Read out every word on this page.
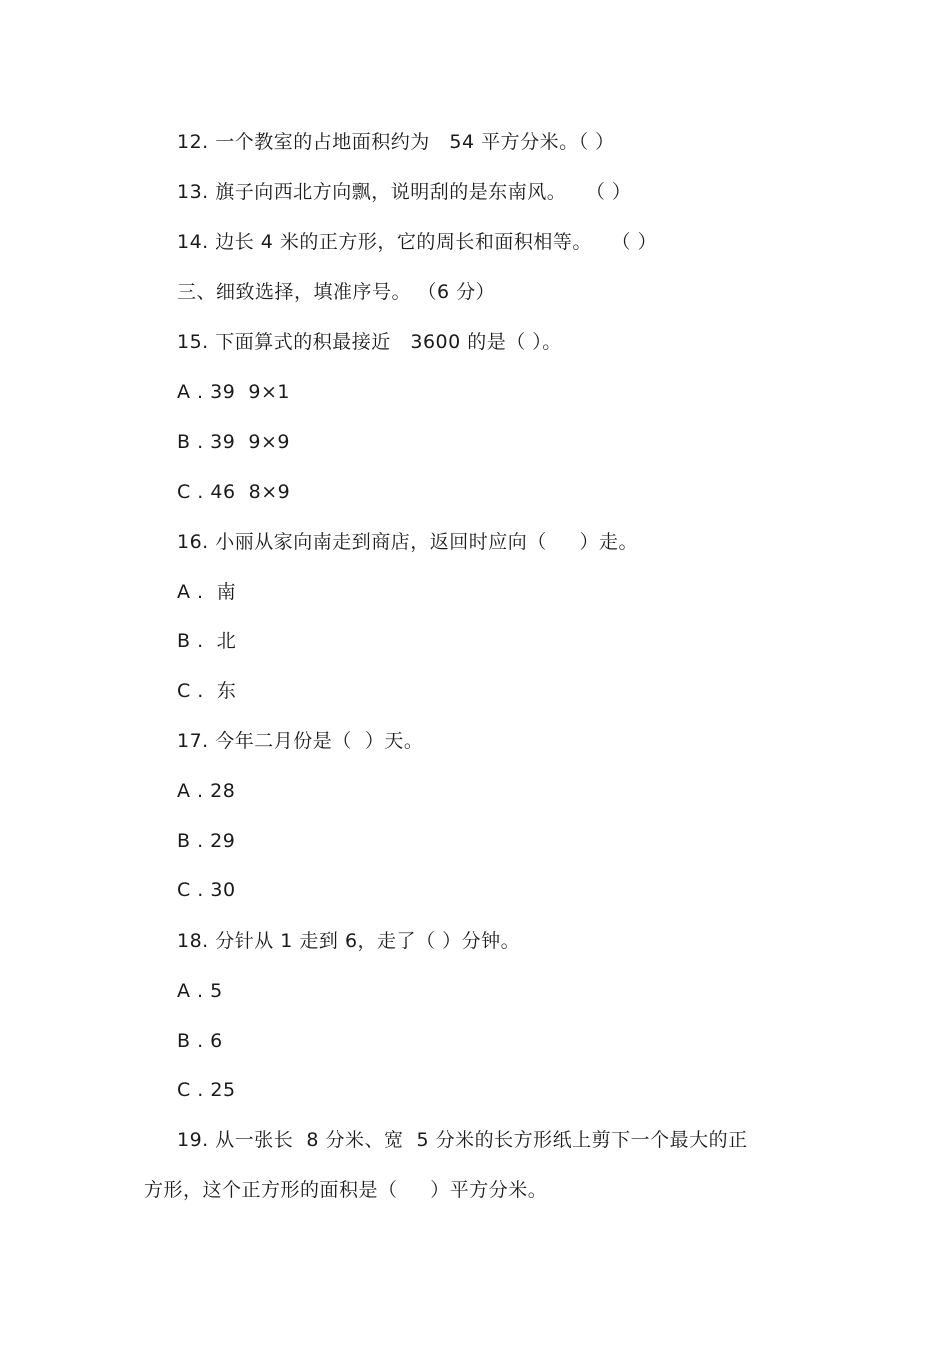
12. 一个教室的占地面积约为   54 平方分米。（ ）
13. 旗子向西北方向飘，说明刮的是东南风。   （ ）
14. 边长 4 米的正方形，它的周长和面积相等。   （ ）
三、细致选择，填准序号。 （6 分）
15. 下面算式的积最接近   3600 的是（ ）。
A . 39  9×1
B . 39  9×9
C . 46  8×9
16. 小丽从家向南走到商店，返回时应向（     ）走。
A .  南
B .  北
C .  东
17. 今年二月份是（  ）天。
A . 28
B . 29
C . 30
18. 分针从 1 走到 6，走了（ ）分钟。
A . 5
B . 6
C . 25
19. 从一张长  8 分米、宽  5 分米的长方形纸上剪下一个最大的正
方形，这个正方形的面积是（     ）平方分米。
